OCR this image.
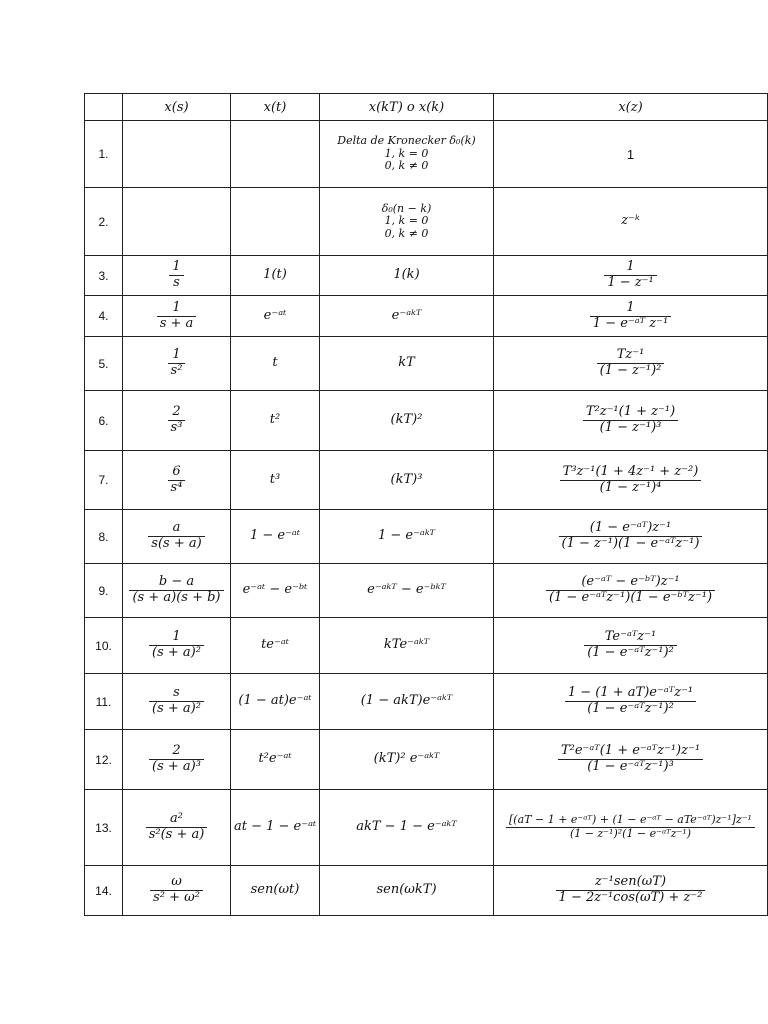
	x(s)	x(t)	x(kT) o x(k)	x(z)
1.			Delta de Kronecker δ₀(k)
1, k = 0
0, k ≠ 0	1
2.			δ₀(n − k)
1, k = 0
0, k ≠ 0	z⁻ᵏ
3.	$\frac{1}{s}$	1(t)	1(k)	$\frac{1}{\text{1 − z⁻¹}}$

4.	$\frac{1}{s + a}$	e⁻ᵃᵗ	e⁻ᵃᵏᵀ	$\frac{1}{\text{1 − e⁻ᵃᵀ z⁻¹}}$

5.	$\frac{1}{\text{s²}}$	t	kT	$\frac{\text{Tz⁻¹}}{\text{(1 − z⁻¹)²}}$

6.	$\frac{2}{\text{s³}}$	t²	(kT)²	$\frac{\text{T²z⁻¹(1 + z⁻¹)}}{\text{(1 − z⁻¹)³}}$

7.	$\frac{6}{\text{s⁴}}$	t³	(kT)³	$\frac{\text{T³z⁻¹(1 + 4z⁻¹ + z⁻²)}}{\text{(1 − z⁻¹)⁴}}$

8.	$\frac{a}{s(s + a)}$	1 − e⁻ᵃᵗ	1 − e⁻ᵃᵏᵀ	$\frac{\text{(1 − e⁻ᵃᵀ)z⁻¹}}{\text{(1 − z⁻¹)(1 − e⁻ᵃᵀz⁻¹)}}$

9.	$\frac{b - a}{(s + a)(s + b)}$	e⁻ᵃᵗ − e⁻ᵇᵗ	e⁻ᵃᵏᵀ − e⁻ᵇᵏᵀ	$\frac{\text{(e⁻ᵃᵀ − e⁻ᵇᵀ)z⁻¹}}{\text{(1 − e⁻ᵃᵀz⁻¹)(1 − e⁻ᵇᵀz⁻¹)}}$

10.	$\frac{1}{\text{(s + a)²}}$	te⁻ᵃᵗ	kTe⁻ᵃᵏᵀ	$\frac{\text{Te⁻ᵃᵀz⁻¹}}{\text{(1 − e⁻ᵃᵀz⁻¹)²}}$

11.	$\frac{s}{\text{(s + a)²}}$	(1 − at)e⁻ᵃᵗ	(1 − akT)e⁻ᵃᵏᵀ	$\frac{\text{1 − (1 + aT)e⁻ᵃᵀz⁻¹}}{\text{(1 − e⁻ᵃᵀz⁻¹)²}}$

12.	$\frac{2}{\text{(s + a)³}}$	t²e⁻ᵃᵗ	(kT)² e⁻ᵃᵏᵀ	$\frac{\text{T²e⁻ᵃᵀ(1 + e⁻ᵃᵀz⁻¹)z⁻¹}}{\text{(1 − e⁻ᵃᵀz⁻¹)³}}$

13.	$\frac{\text{a²}}{\text{s²(s + a)}}$	at − 1 − e⁻ᵃᵗ	akT − 1 − e⁻ᵃᵏᵀ	$\frac{\text{[(aT − 1 + e⁻ᵃᵀ) + (1 − e⁻ᵃᵀ − aTe⁻ᵃᵀ)z⁻¹]z⁻¹}}{\text{(1 − z⁻¹)²(1 − e⁻ᵃᵀz⁻¹)}}$

14.	$\frac{\omega}{\text{s² + ω²}}$	sen(ωt)	sen(ωkT)	$\frac{\text{z⁻¹sen(ωT)}}{\text{1 − 2z⁻¹cos(ωT) + z⁻²}}$
